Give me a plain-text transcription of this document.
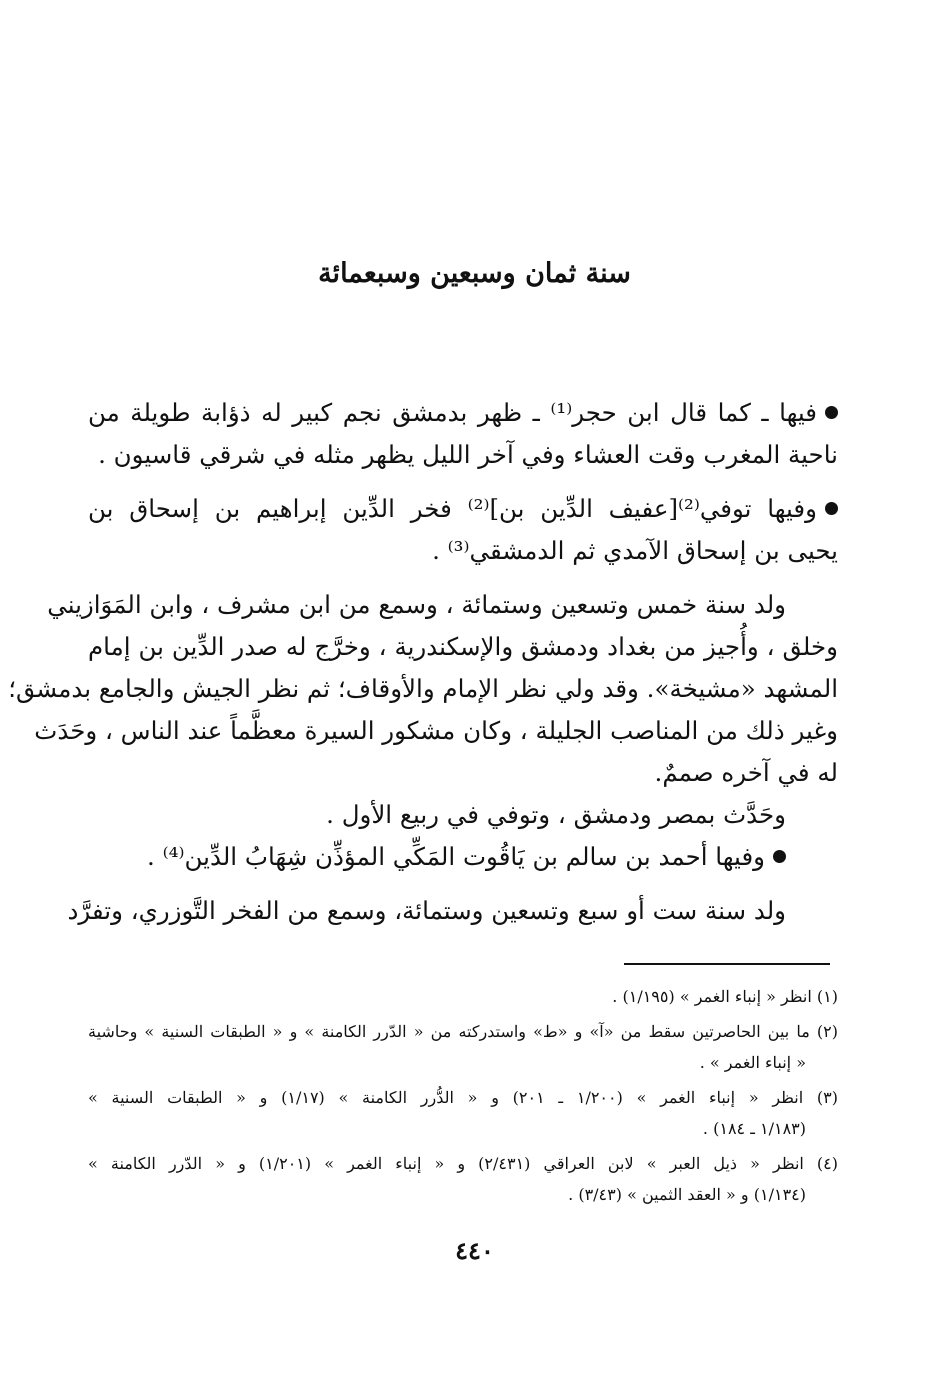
سنة ثمان وسبعين وسبعمائة
فيها ـ كما قال ابن حجر⁽¹⁾ ـ ظهر بدمشق نجم كبير له ذؤابة طويلة من
ناحية المغرب وقت العشاء وفي آخر الليل يظهر مثله في شرقي قاسيون .
وفيها توفي⁽²⁾[عفيف الدِّين بن]⁽²⁾ فخر الدِّين إبراهيم بن إسحاق بن
يحيى بن إسحاق الآمدي ثم الدمشقي⁽³⁾ .
ولد سنة خمس وتسعين وستمائة ، وسمع من ابن مشرف ، وابن المَوَازيني
وخلق ، وأُجيز من بغداد ودمشق والإسكندرية ، وخرَّج له صدر الدِّين بن إمام
المشهد «مشيخة». وقد ولي نظر الإمام والأوقاف؛ ثم نظر الجيش والجامع بدمشق؛
وغير ذلك من المناصب الجليلة ، وكان مشكور السيرة معظَّماً عند الناس ، وحَدَث
له في آخره صممٌ.
وحَدَّث بمصر ودمشق ، وتوفي في ربيع الأول .
وفيها أحمد بن سالم بن يَاقُوت المَكِّي المؤذِّن شِهَابُ الدِّين⁽⁴⁾ .
ولد سنة ست أو سبع وتسعين وستمائة، وسمع من الفخر التَّوزري، وتفرَّد
(١) انظر « إنباء الغمر » (١/١٩٥) .
(٢) ما بين الحاصرتين سقط من «آ» و «ط» واستدركته من « الدّرر الكامنة » و « الطبقات السنية » وحاشية
« إنباء الغمر » .
(٣) انظر « إنباء الغمر » (١/٢٠٠ ـ ٢٠١) و « الدُّرر الكامنة » (١/١٧) و « الطبقات السنية »
(١/١٨٣ ـ ١٨٤) .
(٤) انظر « ذيل العبر » لابن العراقي (٢/٤٣١) و « إنباء الغمر » (١/٢٠١) و « الدّرر الكامنة »
(١/١٣٤) و « العقد الثمين » (٣/٤٣) .
٤٤٠
